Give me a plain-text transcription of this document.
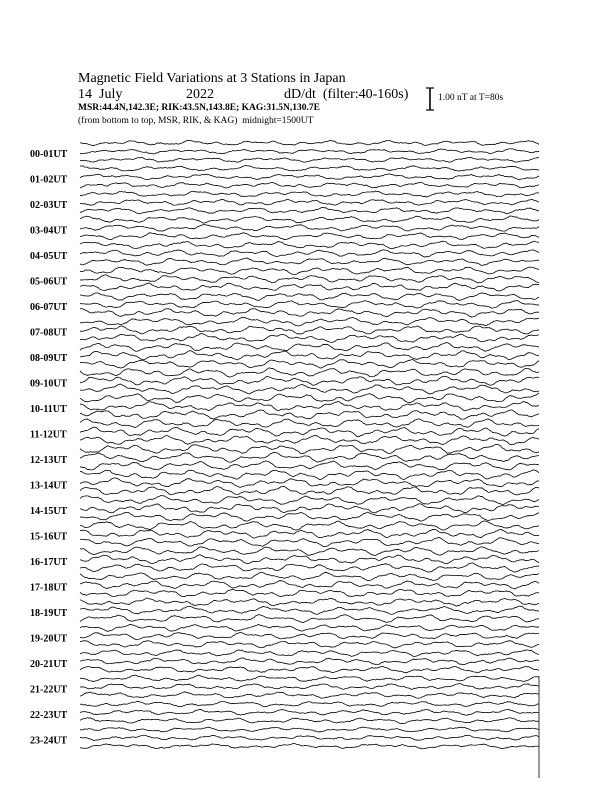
Magnetic Field Variations at 3 Stations in Japan
14  July	2022	dD/dt  (filter:40-160s)
MSR:44.4N,142.3E; RIK:43.5N,143.8E; KAG:31.5N,130.7E
(from bottom to top, MSR, RIK, & KAG)  midnight=1500UT
1.00 nT at T=80s
00-01UT
01-02UT
02-03UT
03-04UT
04-05UT
05-06UT
06-07UT
07-08UT
08-09UT
09-10UT
10-11UT
11-12UT
12-13UT
13-14UT
14-15UT
15-16UT
16-17UT
17-18UT
18-19UT
19-20UT
20-21UT
21-22UT
22-23UT
23-24UT
